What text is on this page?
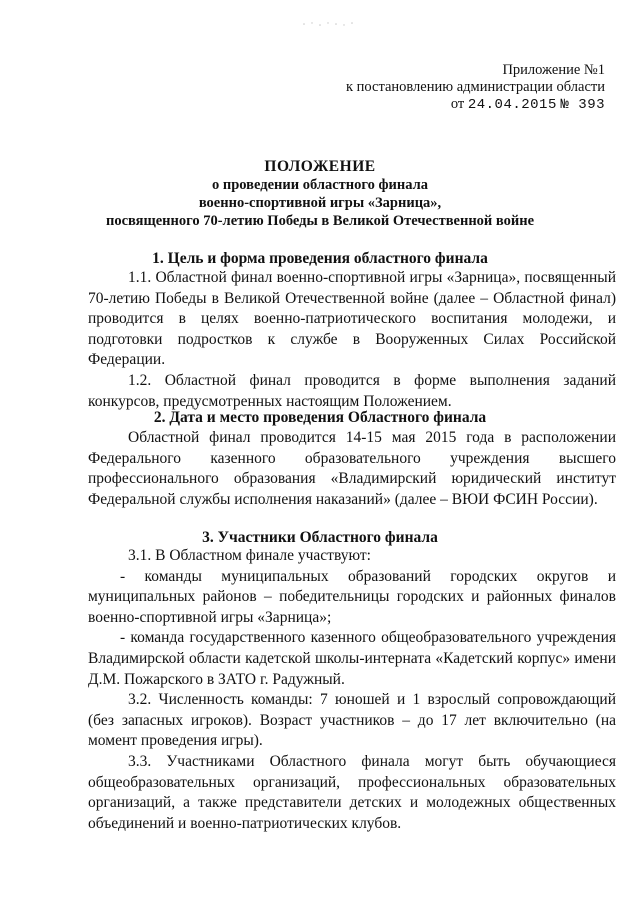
Приложение №1
к постановлению администрации области
от 24.04.2015 № 393
ПОЛОЖЕНИЕ
о проведении областного финала
военно-спортивной игры «Зарница»,
посвященного 70-летию Победы в Великой Отечественной войне
1. Цель и форма проведения областного финала

1.1. Областной финал военно-спортивной игры «Зарница», посвященный 70-летию Победы в Великой Отечественной войне (далее – Областной финал) проводится в целях военно-патриотического воспитания молодежи, и подготовки подростков к службе в Вооруженных Силах Российской Федерации.

1.2. Областной финал проводится в форме выполнения заданий конкурсов, предусмотренных настоящим Положением.

2. Дата и место проведения Областного финала

Областной финал проводится 14-15 мая 2015 года в расположении Федерального казенного образовательного учреждения высшего профессионального образования «Владимирский юридический институт Федеральной службы исполнения наказаний» (далее – ВЮИ ФСИН России).

3. Участники Областного финала

3.1. В Областном финале участвуют:

- команды муниципальных образований городских округов и муниципальных районов – победительницы городских и районных финалов военно-спортивной игры «Зарница»;

- команда государственного казенного общеобразовательного учреждения Владимирской области кадетской школы-интерната «Кадетский корпус» имени Д.М. Пожарского в ЗАТО г. Радужный.

3.2. Численность команды: 7 юношей и 1 взрослый сопровождающий (без запасных игроков). Возраст участников – до 17 лет включительно (на момент проведения игры).

3.3. Участниками Областного финала могут быть обучающиеся общеобразовательных организаций, профессиональных образовательных организаций, а также представители детских и молодежных общественных объединений и военно-патриотических клубов.
